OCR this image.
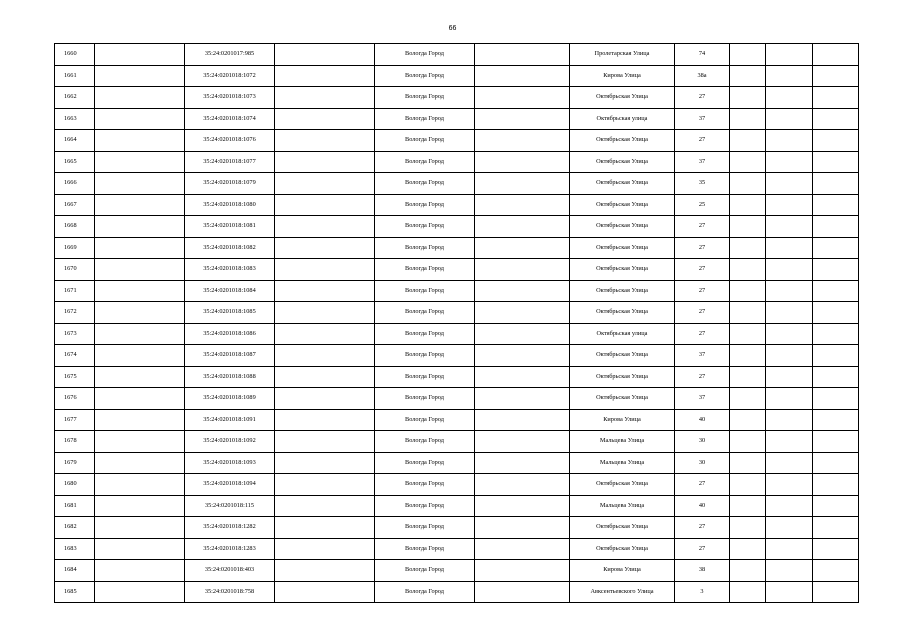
66
1660		35:24:0201017:985		Вологда Город		Пролетарская Улица	74			
1661		35:24:0201018:1072		Вологда Город		Кирова Улица	38а			
1662		35:24:0201018:1073		Вологда Город		Октябрьская Улица	27			
1663		35:24:0201018:1074		Вологда Город		Октябрьская улица	37			
1664		35:24:0201018:1076		Вологда Город		Октябрьская Улица	27			
1665		35:24:0201018:1077		Вологда Город		Октябрьская Улица	37			
1666		35:24:0201018:1079		Вологда Город		Октябрьская Улица	35			
1667		35:24:0201018:1080		Вологда Город		Октябрьская Улица	25			
1668		35:24:0201018:1081		Вологда Город		Октябрьская Улица	27			
1669		35:24:0201018:1082		Вологда Город		Октябрьская Улица	27			
1670		35:24:0201018:1083		Вологда Город		Октябрьская Улица	27			
1671		35:24:0201018:1084		Вологда Город		Октябрьская Улица	27			
1672		35:24:0201018:1085		Вологда Город		Октябрьская Улица	27			
1673		35:24:0201018:1086		Вологда Город		Октябрьская улица	27			
1674		35:24:0201018:1087		Вологда Город		Октябрьская Улица	37			
1675		35:24:0201018:1088		Вологда Город		Октябрьская Улица	27			
1676		35:24:0201018:1089		Вологда Город		Октябрьская Улица	37			
1677		35:24:0201018:1091		Вологда Город		Кирова Улица	40			
1678		35:24:0201018:1092		Вологда Город		Мальцева Улица	30			
1679		35:24:0201018:1093		Вологда Город		Мальцева Улица	30			
1680		35:24:0201018:1094		Вологда Город		Октябрьская Улица	27			
1681		35:24:0201018:115		Вологда Город		Мальцева Улица	40			
1682		35:24:0201018:1282		Вологда Город		Октябрьская Улица	27			
1683		35:24:0201018:1283		Вологда Город		Октябрьская Улица	27			
1684		35:24:0201018:403		Вологда Город		Кирова Улица	38			
1685		35:24:0201018:758		Вологда Город		Авксентьевского Улица	3			
